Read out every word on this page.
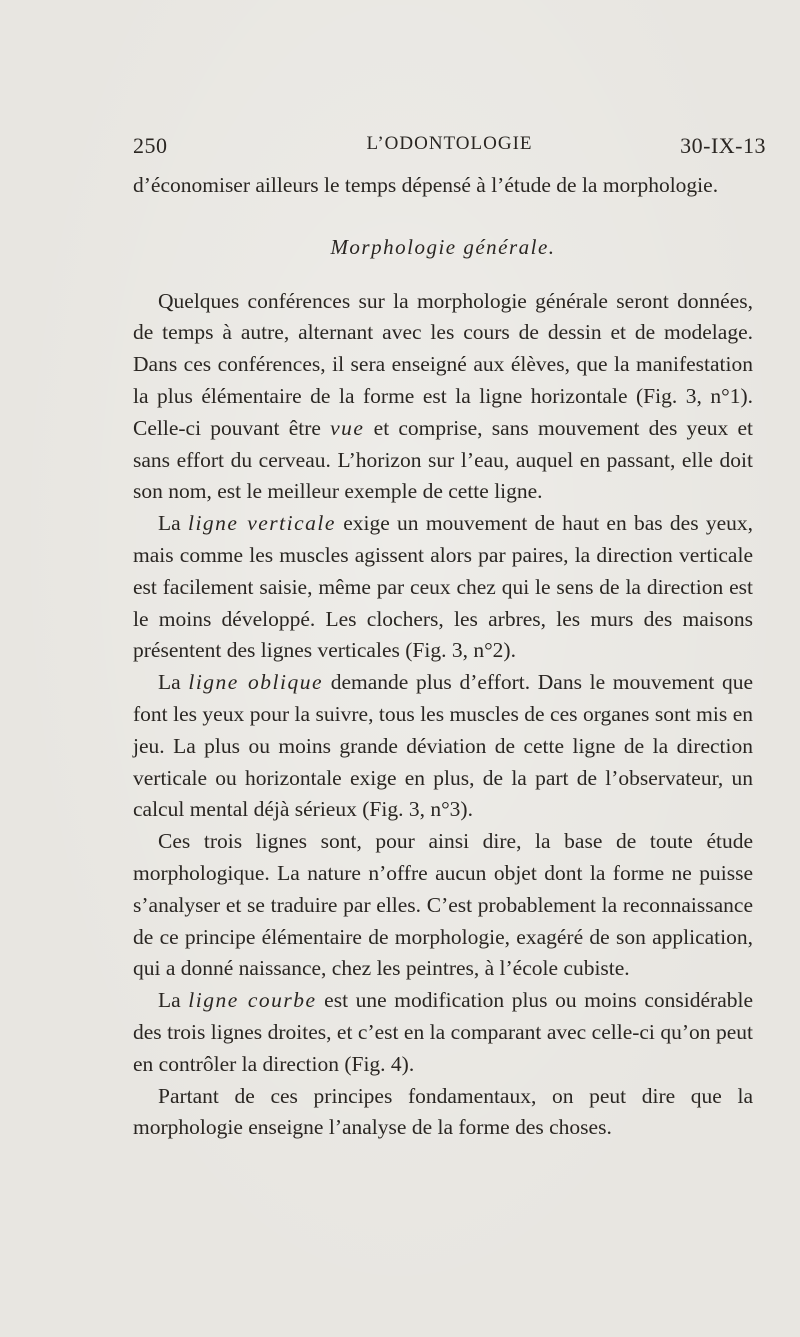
250	L’ODONTOLOGIE	30-IX-13

d’économiser ailleurs le temps dépensé à l’étude de la morphologie.

Morphologie générale.

Quelques conférences sur la morphologie générale seront données, de temps à autre, alternant avec les cours de dessin et de modelage. Dans ces conférences, il sera enseigné aux élèves, que la manifestation la plus élémentaire de la forme est la ligne horizontale (Fig. 3, n°1). Celle-ci pouvant être vue et comprise, sans mouvement des yeux et sans effort du cerveau. L’horizon sur l’eau, auquel en passant, elle doit son nom, est le meilleur exemple de cette ligne.

La ligne verticale exige un mouvement de haut en bas des yeux, mais comme les muscles agissent alors par paires, la direction verticale est facilement saisie, même par ceux chez qui le sens de la direction est le moins développé. Les clochers, les arbres, les murs des maisons présentent des lignes verticales (Fig. 3, n°2).

La ligne oblique demande plus d’effort. Dans le mouvement que font les yeux pour la suivre, tous les muscles de ces organes sont mis en jeu. La plus ou moins grande déviation de cette ligne de la direction verticale ou horizontale exige en plus, de la part de l’observateur, un calcul mental déjà sérieux (Fig. 3, n°3).

Ces trois lignes sont, pour ainsi dire, la base de toute étude morphologique. La nature n’offre aucun objet dont la forme ne puisse s’analyser et se traduire par elles. C’est probablement la reconnaissance de ce principe élémentaire de morphologie, exagéré de son application, qui a donné naissance, chez les peintres, à l’école cubiste.

La ligne courbe est une modification plus ou moins considérable des trois lignes droites, et c’est en la comparant avec celle-ci qu’on peut en contrôler la direction (Fig. 4).

Partant de ces principes fondamentaux, on peut dire que la morphologie enseigne l’analyse de la forme des choses.
